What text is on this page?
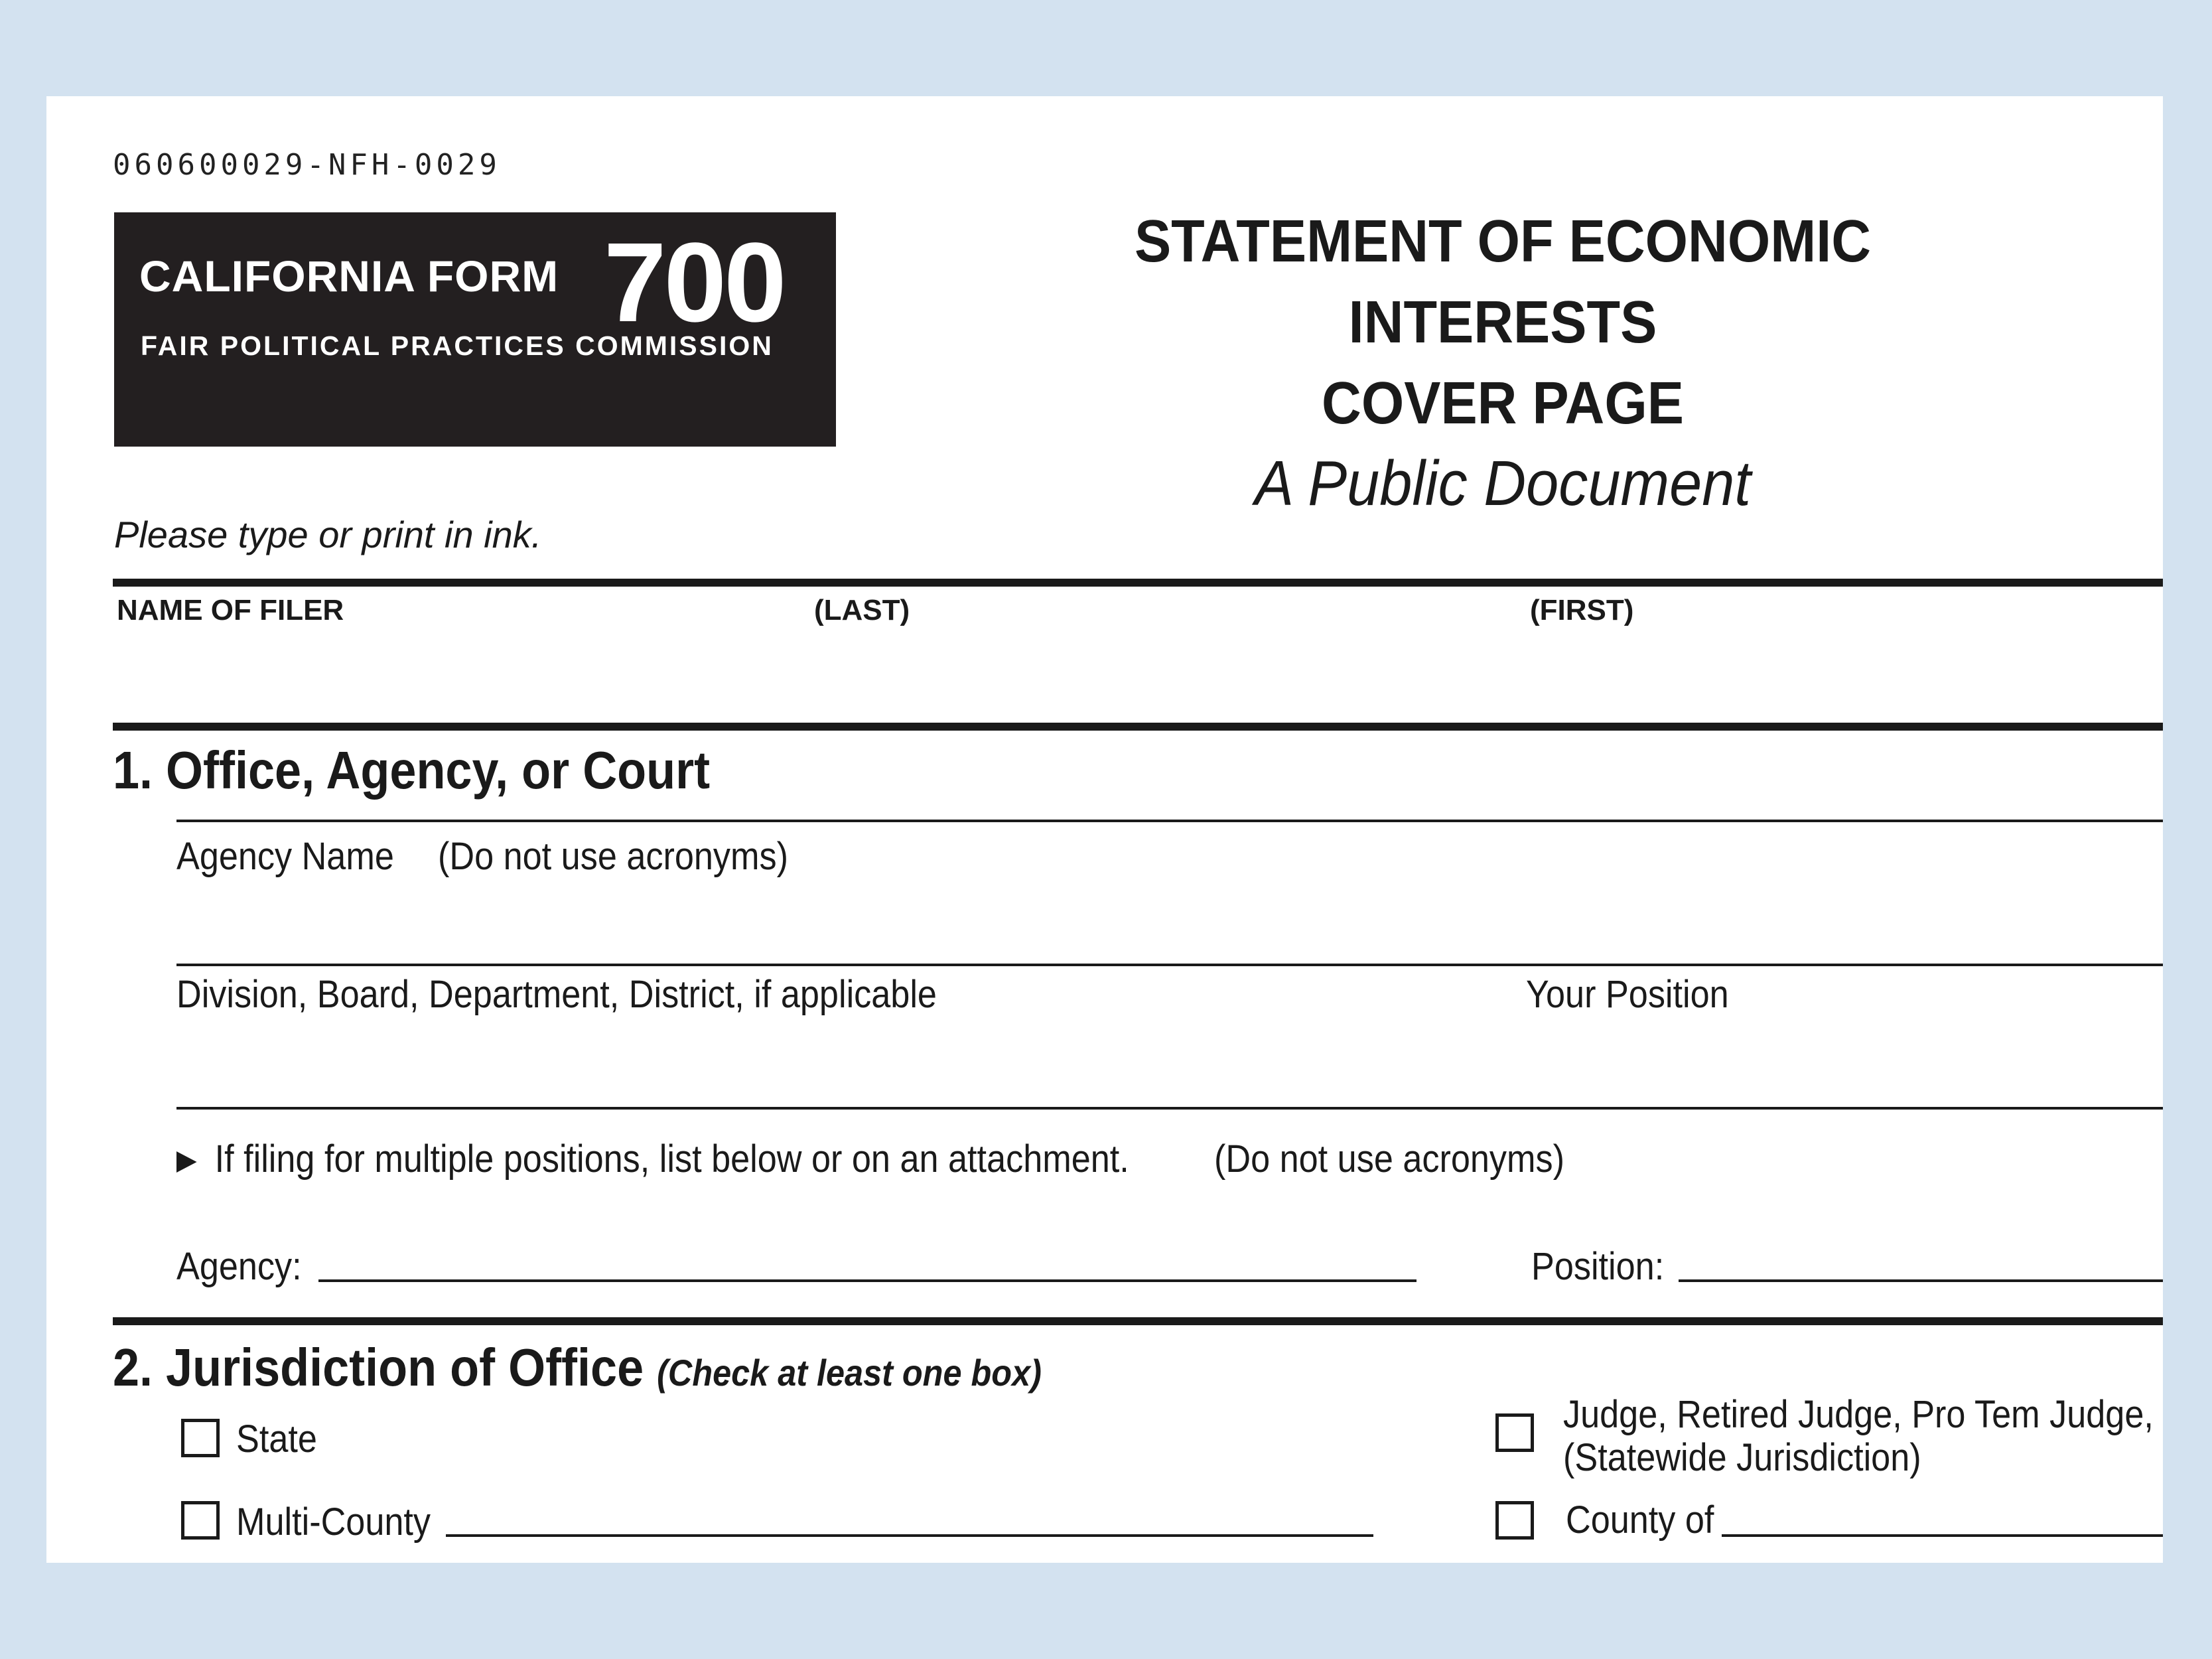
060600029-NFH-0029
CALIFORNIA FORM 700
FAIR POLITICAL PRACTICES COMMISSION
STATEMENT OF ECONOMIC INTERESTS
COVER PAGE
A Public Document
Please type or print in ink.
NAME OF FILER	(LAST)	(FIRST)
1. Office, Agency, or Court
Agency Name (Do not use acronyms)
Division, Board, Department, District, if applicable	Your Position
If filing for multiple positions, list below or on an attachment. (Do not use acronyms)
Agency:	Position:
2. Jurisdiction of Office (Check at least one box)
State
Multi-County
Judge, Retired Judge, Pro Tem Judge,
(Statewide Jurisdiction)
County of
